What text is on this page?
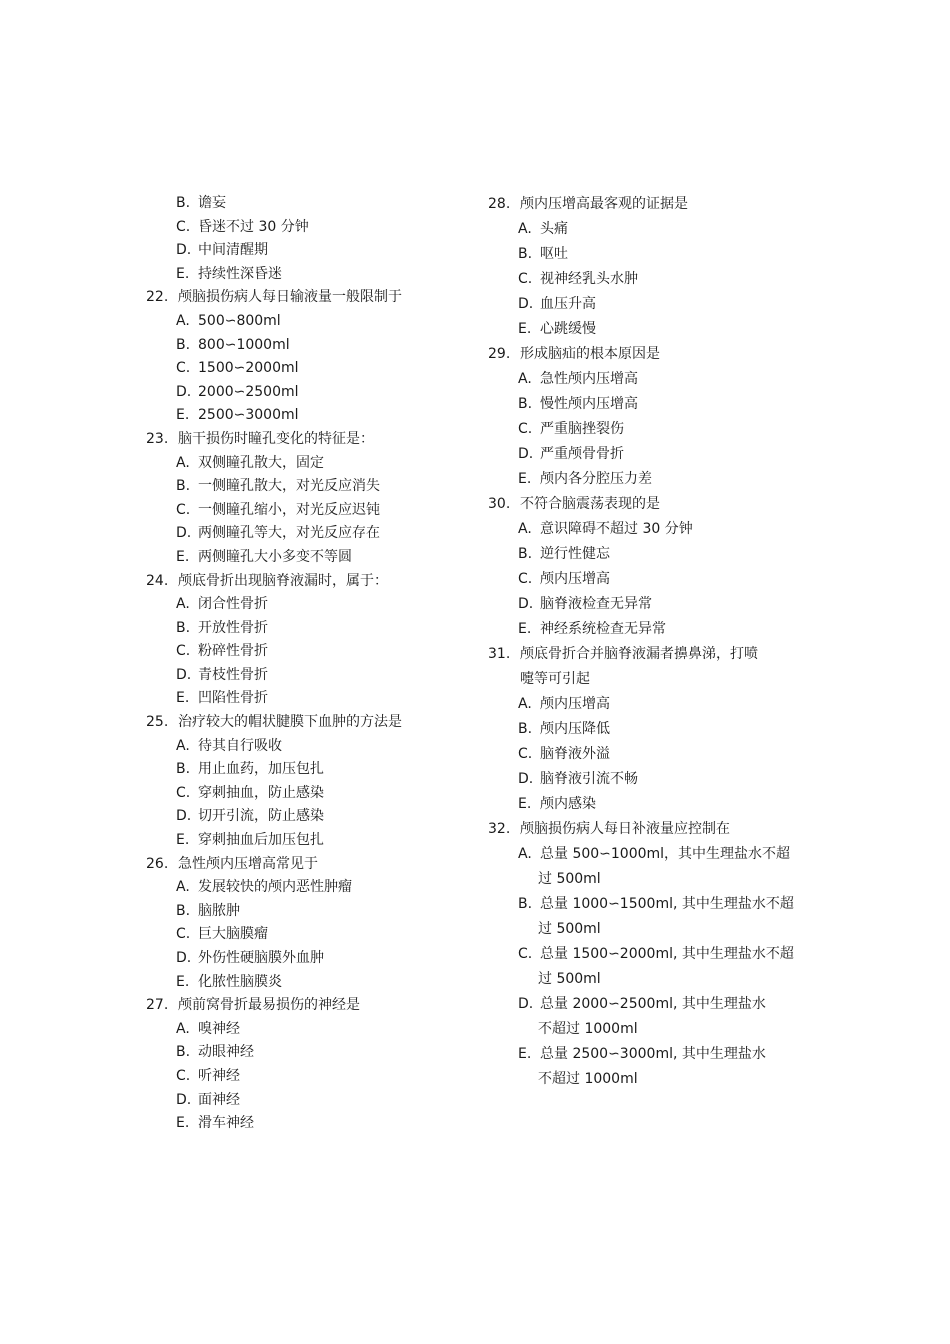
B. 谵妄
C. 昏迷不过 30 分钟
D. 中间清醒期
E. 持续性深昏迷
22. 颅脑损伤病人每日输液量一般限制于
A. 500∽800ml
B. 800∽1000ml
C. 1500∽2000ml
D. 2000∽2500ml
E. 2500∽3000ml
23. 脑干损伤时瞳孔变化的特征是：
A. 双侧瞳孔散大，固定
B. 一侧瞳孔散大，对光反应消失
C. 一侧瞳孔缩小，对光反应迟钝
D. 两侧瞳孔等大，对光反应存在
E. 两侧瞳孔大小多变不等圆
24. 颅底骨折出现脑脊液漏时，属于：
A. 闭合性骨折
B. 开放性骨折
C. 粉碎性骨折
D. 青枝性骨折
E. 凹陷性骨折
25. 治疗较大的帽状腱膜下血肿的方法是
A. 待其自行吸收
B. 用止血药，加压包扎
C. 穿刺抽血，防止感染
D. 切开引流，防止感染
E. 穿刺抽血后加压包扎
26. 急性颅内压增高常见于
A. 发展较快的颅内恶性肿瘤
B. 脑脓肿
C. 巨大脑膜瘤
D. 外伤性硬脑膜外血肿
E. 化脓性脑膜炎
27. 颅前窝骨折最易损伤的神经是
A. 嗅神经
B. 动眼神经
C. 听神经
D. 面神经
E. 滑车神经
28. 颅内压增高最客观的证据是
A. 头痛
B. 呕吐
C. 视神经乳头水肿
D. 血压升高
E. 心跳缓慢
29. 形成脑疝的根本原因是
A. 急性颅内压增高
B. 慢性颅内压增高
C. 严重脑挫裂伤
D. 严重颅骨骨折
E. 颅内各分腔压力差
30. 不符合脑震荡表现的是
A. 意识障碍不超过 30 分钟
B. 逆行性健忘
C. 颅内压增高
D. 脑脊液检查无异常
E. 神经系统检查无异常
31. 颅底骨折合并脑脊液漏者擤鼻涕，打喷
嚏等可引起
A. 颅内压增高
B. 颅内压降低
C. 脑脊液外溢
D. 脑脊液引流不畅
E. 颅内感染
32. 颅脑损伤病人每日补液量应控制在
A. 总量 500∽1000ml，其中生理盐水不超
过 500ml
B. 总量 1000∽1500ml, 其中生理盐水不超
过 500ml
C. 总量 1500∽2000ml, 其中生理盐水不超
过 500ml
D. 总量 2000∽2500ml, 其中生理盐水
不超过 1000ml
E. 总量 2500∽3000ml, 其中生理盐水
不超过 1000ml
